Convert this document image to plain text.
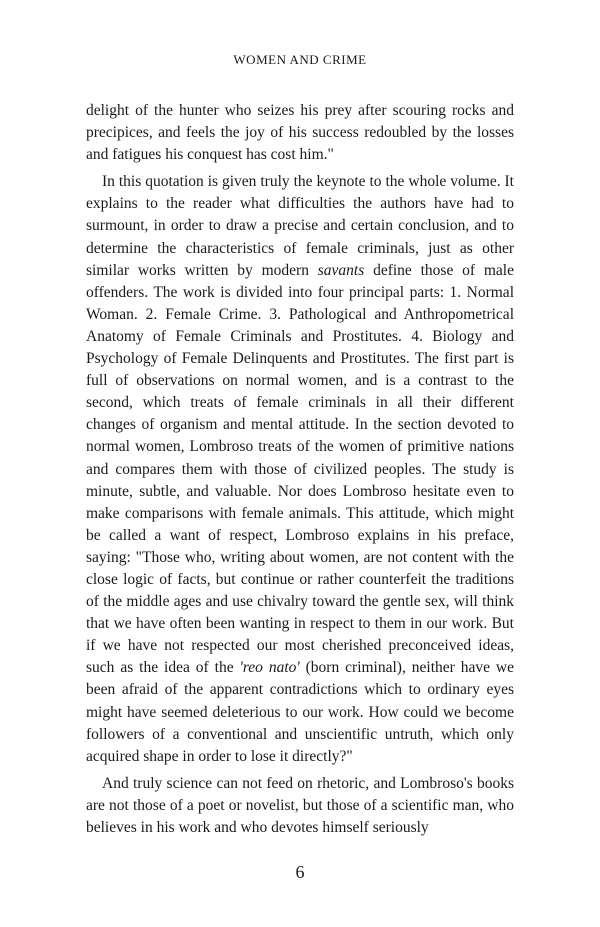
WOMEN AND CRIME

delight of the hunter who seizes his prey after scouring rocks and precipices, and feels the joy of his success redoubled by the losses and fatigues his conquest has cost him."

In this quotation is given truly the keynote to the whole volume. It explains to the reader what difficulties the authors have had to surmount, in order to draw a precise and certain conclusion, and to determine the characteristics of female criminals, just as other similar works written by modern savants define those of male offenders. The work is divided into four principal parts: 1. Normal Woman. 2. Female Crime. 3. Pathological and Anthropometrical Anatomy of Female Criminals and Prostitutes. 4. Biology and Psychology of Female Delinquents and Prostitutes. The first part is full of observations on normal women, and is a contrast to the second, which treats of female criminals in all their different changes of organism and mental attitude. In the section devoted to normal women, Lombroso treats of the women of primitive nations and compares them with those of civilized peoples. The study is minute, subtle, and valuable. Nor does Lombroso hesitate even to make comparisons with female animals. This attitude, which might be called a want of respect, Lombroso explains in his preface, saying: "Those who, writing about women, are not content with the close logic of facts, but continue or rather counterfeit the traditions of the middle ages and use chivalry toward the gentle sex, will think that we have often been wanting in respect to them in our work. But if we have not respected our most cherished preconceived ideas, such as the idea of the 'reo nato' (born criminal), neither have we been afraid of the apparent contradictions which to ordinary eyes might have seemed deleterious to our work. How could we become followers of a conventional and unscientific untruth, which only acquired shape in order to lose it directly?"

And truly science can not feed on rhetoric, and Lombroso's books are not those of a poet or novelist, but those of a scientific man, who believes in his work and who devotes himself seriously

6
